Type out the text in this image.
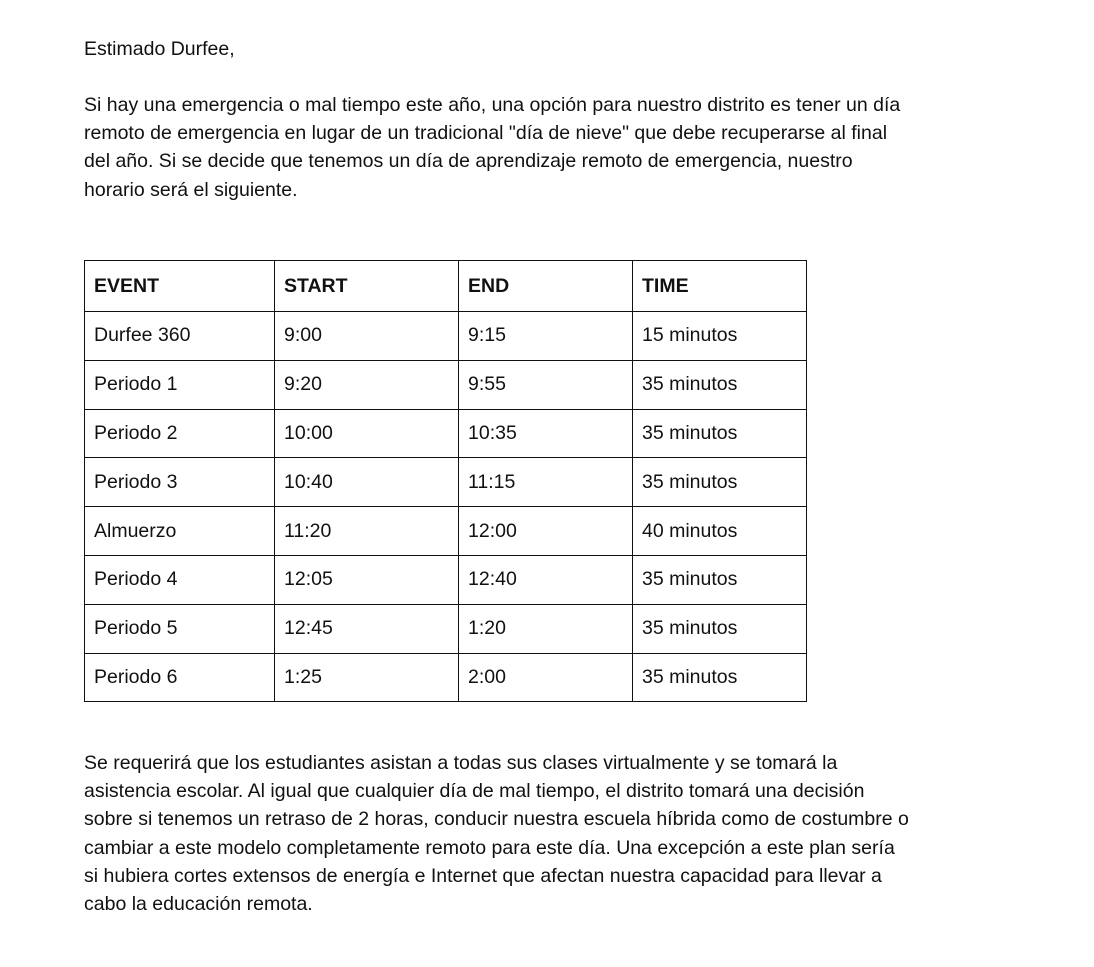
Estimado Durfee,
Si hay una emergencia o mal tiempo este año, una opción para nuestro distrito es tener un día
remoto de emergencia en lugar de un tradicional "día de nieve" que debe recuperarse al final
del año. Si se decide que tenemos un día de aprendizaje remoto de emergencia, nuestro
horario será el siguiente.
EVENT	START	END	TIME
Durfee 360	9:00	9:15	15 minutos
Periodo 1	9:20	9:55	35 minutos
Periodo 2	10:00	10:35	35 minutos
Periodo 3	10:40	11:15	35 minutos
Almuerzo	11:20	12:00	40 minutos
Periodo 4	12:05	12:40	35 minutos
Periodo 5	12:45	1:20	35 minutos
Periodo 6	1:25	2:00	35 minutos
Se requerirá que los estudiantes asistan a todas sus clases virtualmente y se tomará la
asistencia escolar. Al igual que cualquier día de mal tiempo, el distrito tomará una decisión
sobre si tenemos un retraso de 2 horas, conducir nuestra escuela híbrida como de costumbre o
cambiar a este modelo completamente remoto para este día. Una excepción a este plan sería
si hubiera cortes extensos de energía e Internet que afectan nuestra capacidad para llevar a
cabo la educación remota.
